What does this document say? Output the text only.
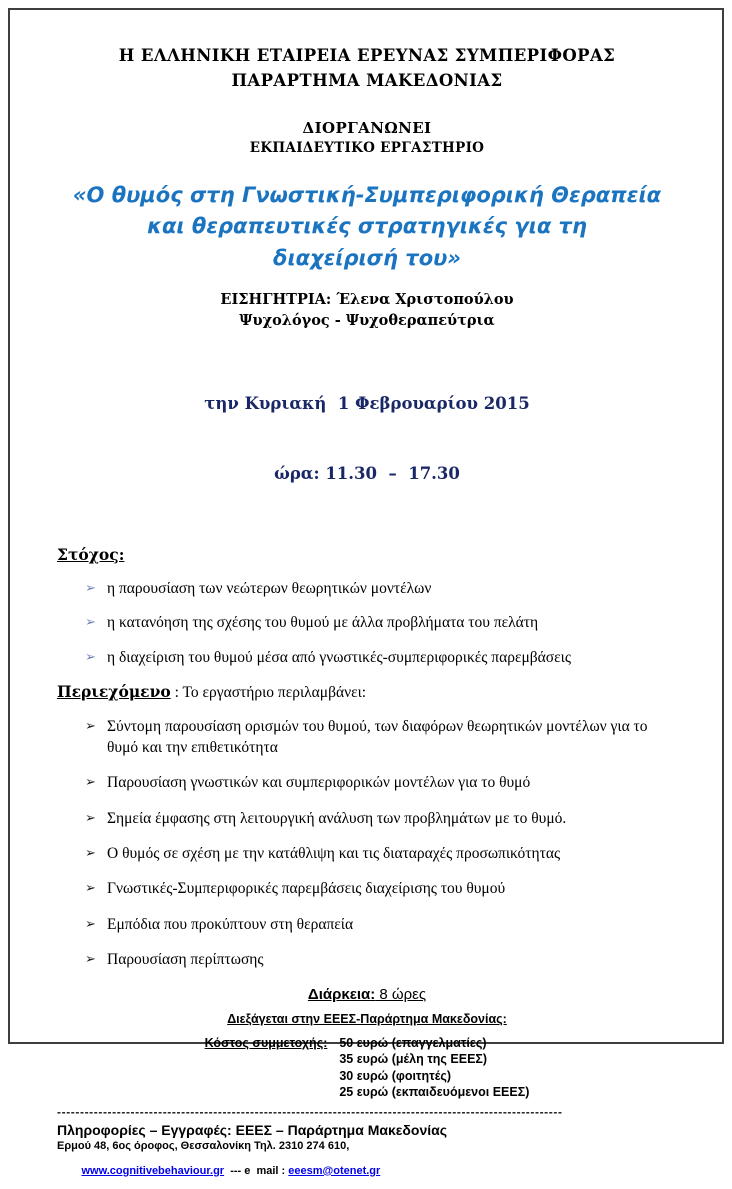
Η ΕΛΛΗΝΙΚΗ ΕΤΑΙΡΕΙΑ ΕΡΕΥΝΑΣ ΣΥΜΠΕΡΙΦΟΡΑΣ
ΠΑΡΑΡΤΗΜΑ ΜΑΚΕΔΟΝΙΑΣ
ΔΙΟΡΓΑΝΩΝΕΙ
ΕΚΠΑΙΔΕΥΤΙΚΟ ΕΡΓΑΣΤΗΡΙΟ
«Ο θυμός στη Γνωστική-Συμπεριφορική Θεραπεία
και θεραπευτικές στρατηγικές για τη
διαχείρισή του»
ΕΙΣΗΓΗΤΡΙΑ: Έλενα Χριστοπούλου
Ψυχολόγος - Ψυχοθεραπεύτρια

την Κυριακή  1 Φεβρουαρίου 2015

ώρα: 11.30  –  17.30

Στόχος:
➢ η παρουσίαση των νεώτερων θεωρητικών μοντέλων
➢ η κατανόηση της σχέσης του θυμού με άλλα προβλήματα του πελάτη
➢ η διαχείριση του θυμού μέσα από γνωστικές-συμπεριφορικές παρεμβάσεις
Περιεχόμενο : Το εργαστήριο περιλαμβάνει:
➢ Σύντομη παρουσίαση ορισμών του θυμού, των διαφόρων θεωρητικών μοντέλων για το θυμό και την επιθετικότητα
➢ Παρουσίαση γνωστικών και συμπεριφορικών μοντέλων για το θυμό
➢ Σημεία έμφασης στη λειτουργική ανάλυση των προβλημάτων με το θυμό.
➢ Ο θυμός σε σχέση με την κατάθλιψη και τις διαταραχές προσωπικότητας
➢ Γνωστικές-Συμπεριφορικές παρεμβάσεις διαχείρισης του θυμού
➢ Εμπόδια που προκύπτουν στη θεραπεία
➢ Παρουσίαση περίπτωσης
Διάρκεια: 8 ώρες
Διεξάγεται στην ΕΕΕΣ-Παράρτημα Μακεδονίας:
Κόστος συμμετοχής: 50 ευρώ (επαγγελματίες)
35 ευρώ (μέλη της ΕΕΕΣ)
30 ευρώ (φοιτητές)
25 ευρώ (εκπαιδευόμενοι ΕΕΕΣ)
--------------------------------------------------------------------------------------------------------------
Πληροφορίες – Εγγραφές: ΕΕΕΣ – Παράρτημα Μακεδονίας
Ερμού 48, 6ος όροφος, Θεσσαλονίκη Τηλ. 2310 274 610,

www.cognitivebehaviour.gr  --- e  mail : eeesm@otenet.gr
